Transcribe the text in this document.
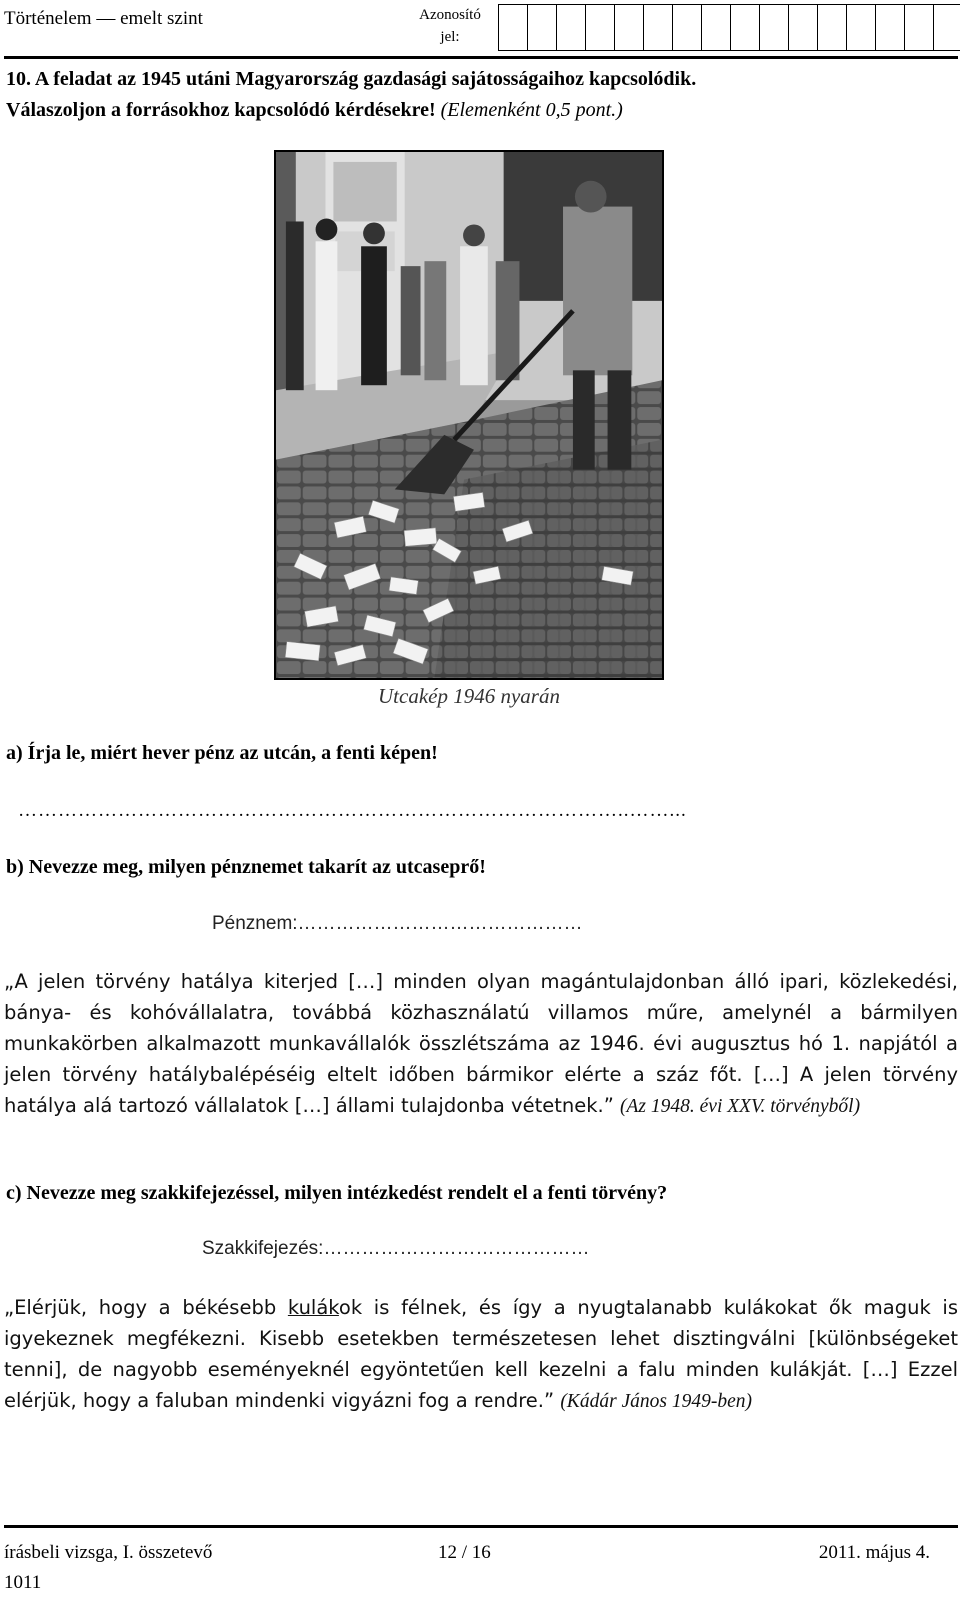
Történelem — emelt szint	Azonosító
jel:
10. A feladat az 1945 utáni Magyarország gazdasági sajátosságaihoz kapcsolódik.
Válaszoljon a forrásokhoz kapcsolódó kérdésekre! (Elemenként 0,5 pont.)
Utcakép 1946 nyarán
a) Írja le, miért hever pénz az utcán, a fenti képen!
………………………………………………………………………………..……...
b) Nevezze meg, milyen pénznemet takarít az utcaseprő!
Pénznem:………………………………………
„A jelen törvény hatálya kiterjed […] minden olyan magántulajdonban álló ipari, közlekedési, bánya- és kohóvállalatra, továbbá közhasználatú villamos műre, amelynél a bármilyen munkakörben alkalmazott munkavállalók összlétszáma az 1946. évi augusztus hó 1. napjától a jelen törvény hatálybalépéséig eltelt időben bármikor elérte a száz főt. […] A jelen törvény hatálya alá tartozó vállalatok […] állami tulajdonba vétetnek.” (Az 1948. évi XXV. törvényből)
c) Nevezze meg szakkifejezéssel, milyen intézkedést rendelt el a fenti törvény?
Szakkifejezés:……………………………………
„Elérjük, hogy a békésebb kulákok is félnek, és így a nyugtalanabb kulákokat ők maguk is igyekeznek megfékezni. Kisebb esetekben természetesen lehet disztingválni [különbségeket tenni], de nagyobb eseményeknél egyöntetűen kell kezelni a falu minden kulákját. […] Ezzel elérjük, hogy a faluban mindenki vigyázni fog a rendre.” (Kádár János 1949-ben)
írásbeli vizsga, I. összetevő	12 / 16	2011. május 4.
1011
